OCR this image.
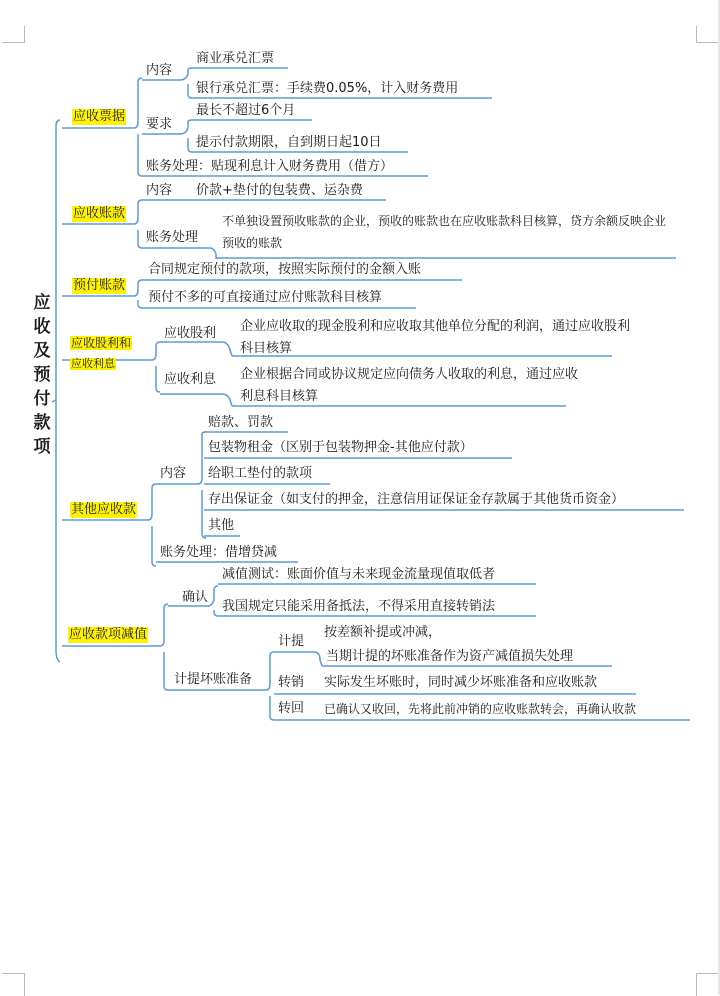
应
收
及
预
付
款
项
应收票据
内容
商业承兑汇票
银行承兑汇票：手续费0.05%，计入财务费用
要求
最长不超过6个月
提示付款期限，自到期日起10日
账务处理：贴现利息计入财务费用（借方）
应收账款
内容 价款+垫付的包装费、运杂费
账务处理
不单独设置预收账款的企业，预收的账款也在应收账款科目核算，贷方余额反映企业预收的账款
预付账款
合同规定预付的款项，按照实际预付的金额入账
预付不多的可直接通过应付账款科目核算
应收股利和
应收利息
应收股利 企业应收取的现金股利和应收取其他单位分配的利润，通过应收股利科目核算
应收利息 企业根据合同或协议规定应向债务人收取的利息，通过应收利息科目核算
其他应收款
内容
赔款、罚款
包装物租金（区别于包装物押金-其他应付款）
给职工垫付的款项
存出保证金（如支付的押金，注意信用证保证金存款属于其他货币资金）
其他
账务处理：借增贷减
应收款项减值
确认
减值测试：账面价值与未来现金流量现值取低者
我国规定只能采用备抵法，不得采用直接转销法
计提坏账准备
计提
按差额补提或冲减，
当期计提的坏账准备作为资产减值损失处理
转销 实际发生坏账时，同时减少坏账准备和应收账款
转回 已确认又收回，先将此前冲销的应收账款转会，再确认收款
